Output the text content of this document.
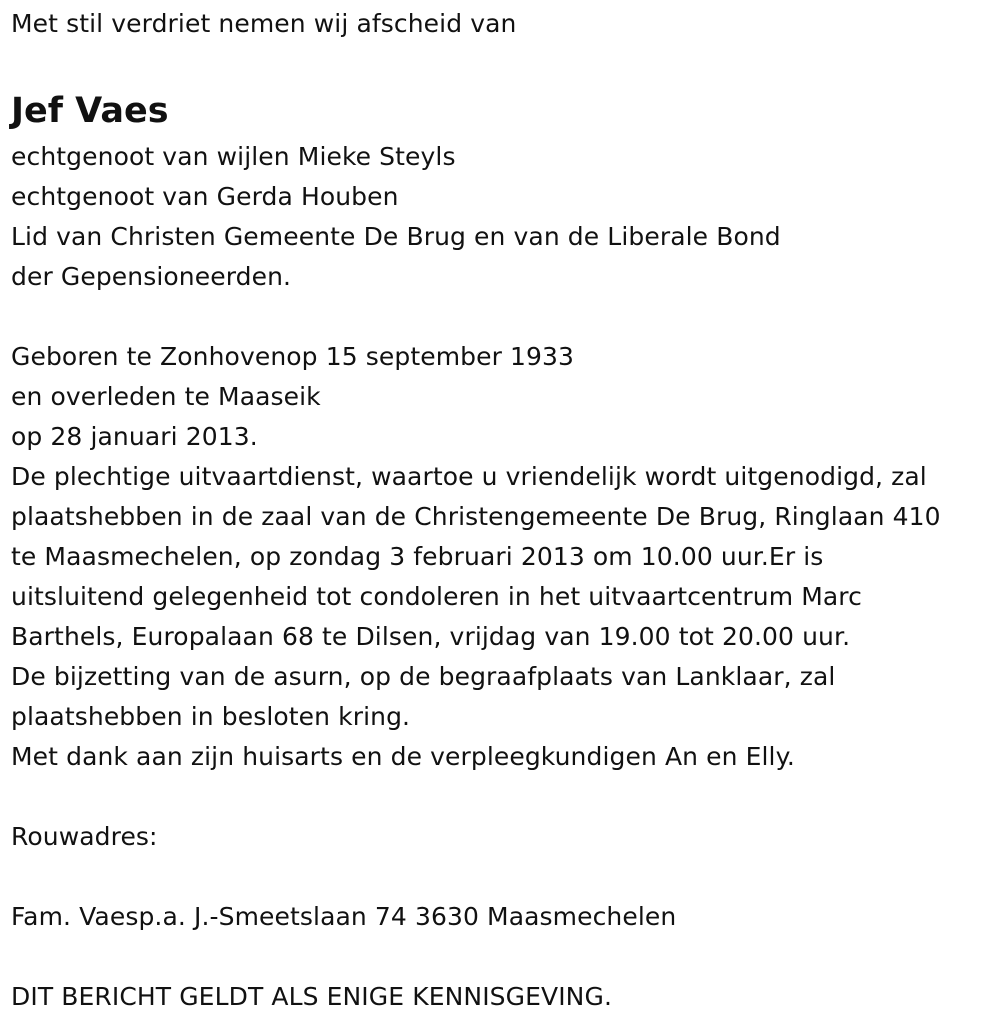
Met stil verdriet nemen wij afscheid van
Jef Vaes
echtgenoot van wijlen Mieke Steyls
echtgenoot van Gerda Houben
Lid van Christen Gemeente De Brug en van de Liberale Bond
der Gepensioneerden.
Geboren te Zonhovenop 15 september 1933
en overleden te Maaseik
op 28 januari 2013.
De plechtige uitvaartdienst, waartoe u vriendelijk wordt uitgenodigd, zal
plaatshebben in de zaal van de Christengemeente De Brug, Ringlaan 410
te Maasmechelen, op zondag 3 februari 2013 om 10.00 uur.Er is
uitsluitend gelegenheid tot condoleren in het uitvaartcentrum Marc
Barthels, Europalaan 68 te Dilsen, vrijdag van 19.00 tot 20.00 uur.
De bijzetting van de asurn, op de begraafplaats van Lanklaar, zal
plaatshebben in besloten kring.
Met dank aan zijn huisarts en de verpleegkundigen An en Elly.
Rouwadres:
Fam. Vaesp.a. J.-Smeetslaan 74 3630 Maasmechelen
DIT BERICHT GELDT ALS ENIGE KENNISGEVING.
